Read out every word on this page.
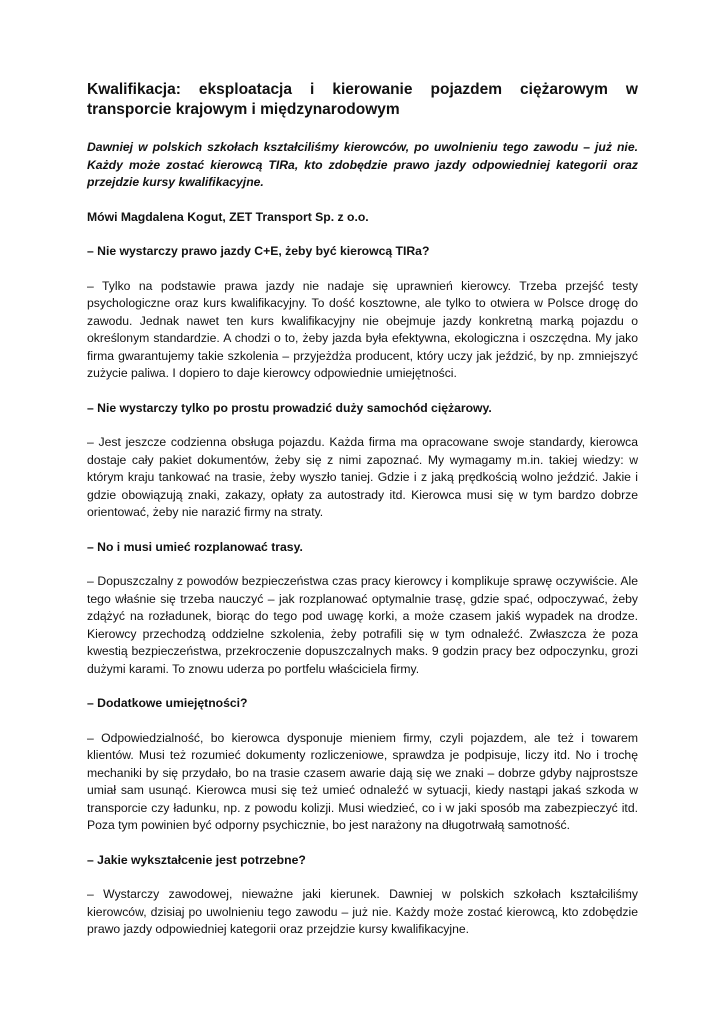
Kwalifikacja: eksploatacja i kierowanie pojazdem ciężarowym w transporcie krajowym i międzynarodowym

Dawniej w polskich szkołach kształciliśmy kierowców, po uwolnieniu tego zawodu – już nie. Każdy może zostać kierowcą TIRa, kto zdobędzie prawo jazdy odpowiedniej kategorii oraz przejdzie kursy kwalifikacyjne.

Mówi Magdalena Kogut, ZET Transport Sp. z o.o.

– Nie wystarczy prawo jazdy C+E, żeby być kierowcą TIRa?

– Tylko na podstawie prawa jazdy nie nadaje się uprawnień kierowcy. Trzeba przejść testy psychologiczne oraz kurs kwalifikacyjny. To dość kosztowne, ale tylko to otwiera w Polsce drogę do zawodu. Jednak nawet ten kurs kwalifikacyjny nie obejmuje jazdy konkretną marką pojazdu o określonym standardzie. A chodzi o to, żeby jazda była efektywna, ekologiczna i oszczędna. My jako firma gwarantujemy takie szkolenia – przyjeżdża producent, który uczy jak jeździć, by np. zmniejszyć zużycie paliwa. I dopiero to daje kierowcy odpowiednie umiejętności.

– Nie wystarczy tylko po prostu prowadzić duży samochód ciężarowy.

– Jest jeszcze codzienna obsługa pojazdu. Każda firma ma opracowane swoje standardy, kierowca dostaje cały pakiet dokumentów, żeby się z nimi zapoznać. My wymagamy m.in. takiej wiedzy: w którym kraju tankować na trasie, żeby wyszło taniej. Gdzie i z jaką prędkością wolno jeździć. Jakie i gdzie obowiązują znaki, zakazy, opłaty za autostrady itd. Kierowca musi się w tym bardzo dobrze orientować, żeby nie narazić firmy na straty.

– No i musi umieć rozplanować trasy.

– Dopuszczalny z powodów bezpieczeństwa czas pracy kierowcy i komplikuje sprawę oczywiście. Ale tego właśnie się trzeba nauczyć – jak rozplanować optymalnie trasę, gdzie spać, odpoczywać, żeby zdążyć na rozładunek, biorąc do tego pod uwagę korki, a może czasem jakiś wypadek na drodze. Kierowcy przechodzą oddzielne szkolenia, żeby potrafili się w tym odnaleźć. Zwłaszcza że poza kwestią bezpieczeństwa, przekroczenie dopuszczalnych maks. 9 godzin pracy bez odpoczynku, grozi dużymi karami. To znowu uderza po portfelu właściciela firmy.

– Dodatkowe umiejętności?

– Odpowiedzialność, bo kierowca dysponuje mieniem firmy, czyli pojazdem, ale też i towarem klientów. Musi też rozumieć dokumenty rozliczeniowe, sprawdza je podpisuje, liczy itd. No i trochę mechaniki by się przydało, bo na trasie czasem awarie dają się we znaki – dobrze gdyby najprostsze umiał sam usunąć. Kierowca musi się też umieć odnaleźć w sytuacji, kiedy nastąpi jakaś szkoda w transporcie czy ładunku, np. z powodu kolizji. Musi wiedzieć, co i w jaki sposób ma zabezpieczyć itd. Poza tym powinien być odporny psychicznie, bo jest narażony na długotrwałą samotność.

– Jakie wykształcenie jest potrzebne?

– Wystarczy zawodowej, nieważne jaki kierunek. Dawniej w polskich szkołach kształciliśmy kierowców, dzisiaj po uwolnieniu tego zawodu – już nie. Każdy może zostać kierowcą, kto zdobędzie prawo jazdy odpowiedniej kategorii oraz przejdzie kursy kwalifikacyjne.
